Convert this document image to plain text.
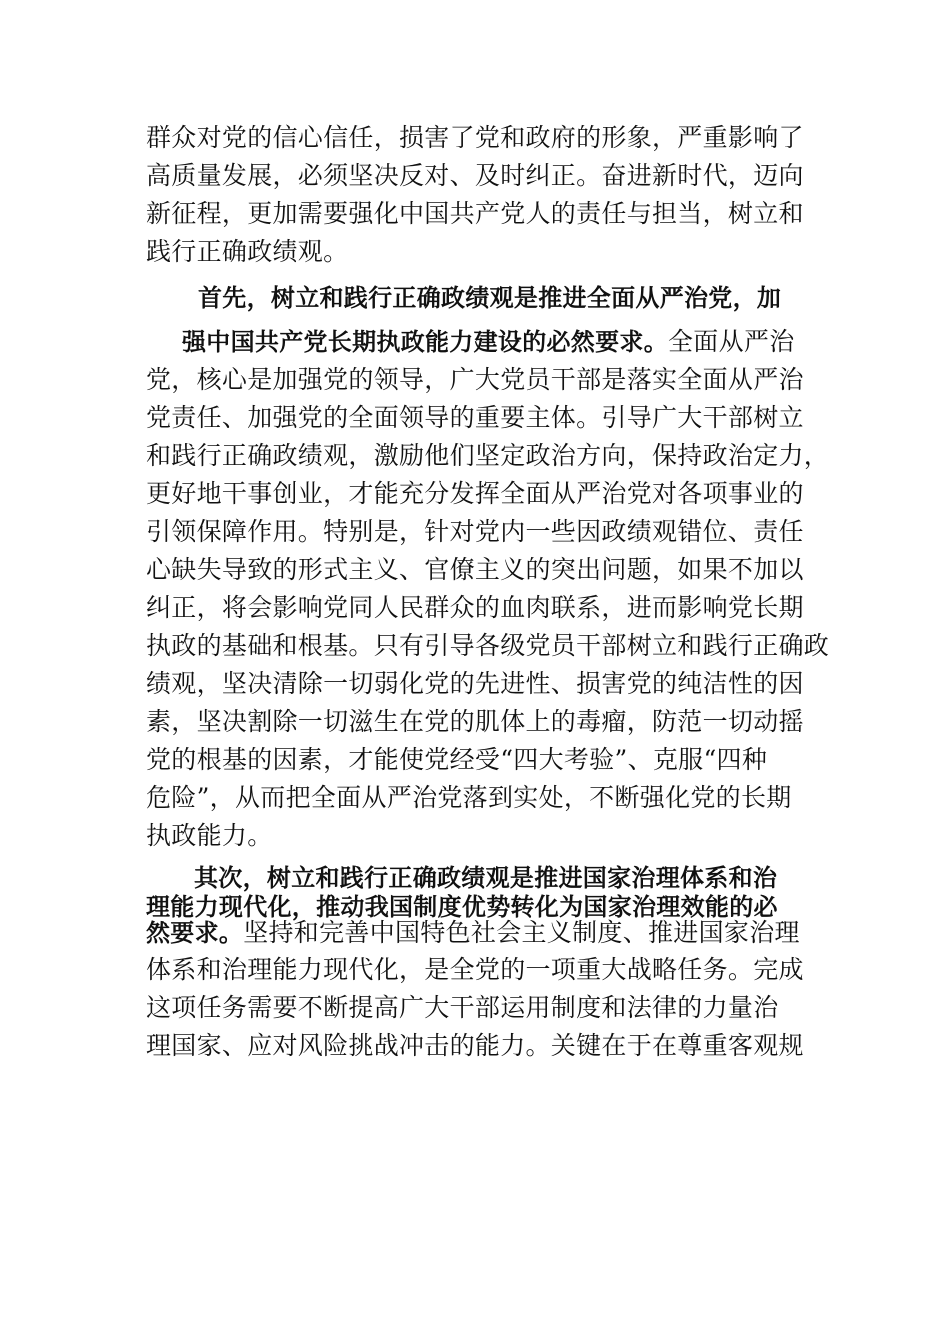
群众对党的信心信任，损害了党和政府的形象，严重影响了
高质量发展，必须坚决反对、及时纠正。奋进新时代，迈向
新征程，更加需要强化中国共产党人的责任与担当，树立和
践行正确政绩观。
首先，树立和践行正确政绩观是推进全面从严治党，加
强中国共产党长期执政能力建设的必然要求。全面从严治
党，核心是加强党的领导，广大党员干部是落实全面从严治
党责任、加强党的全面领导的重要主体。引导广大干部树立
和践行正确政绩观，激励他们坚定政治方向，保持政治定力，
更好地干事创业，才能充分发挥全面从严治党对各项事业的
引领保障作用。特别是，针对党内一些因政绩观错位、责任
心缺失导致的形式主义、官僚主义的突出问题，如果不加以
纠正，将会影响党同人民群众的血肉联系，进而影响党长期
执政的基础和根基。只有引导各级党员干部树立和践行正确政
绩观，坚决清除一切弱化党的先进性、损害党的纯洁性的因
素，坚决割除一切滋生在党的肌体上的毒瘤，防范一切动摇
党的根基的因素，才能使党经受“四大考验”、克服“四种
危险”，从而把全面从严治党落到实处，不断强化党的长期
执政能力。
其次，树立和践行正确政绩观是推进国家治理体系和治
理能力现代化，推动我国制度优势转化为国家治理效能的必
然要求。坚持和完善中国特色社会主义制度、推进国家治理
体系和治理能力现代化，是全党的一项重大战略任务。完成
这项任务需要不断提高广大干部运用制度和法律的力量治
理国家、应对风险挑战冲击的能力。关键在于在尊重客观规
